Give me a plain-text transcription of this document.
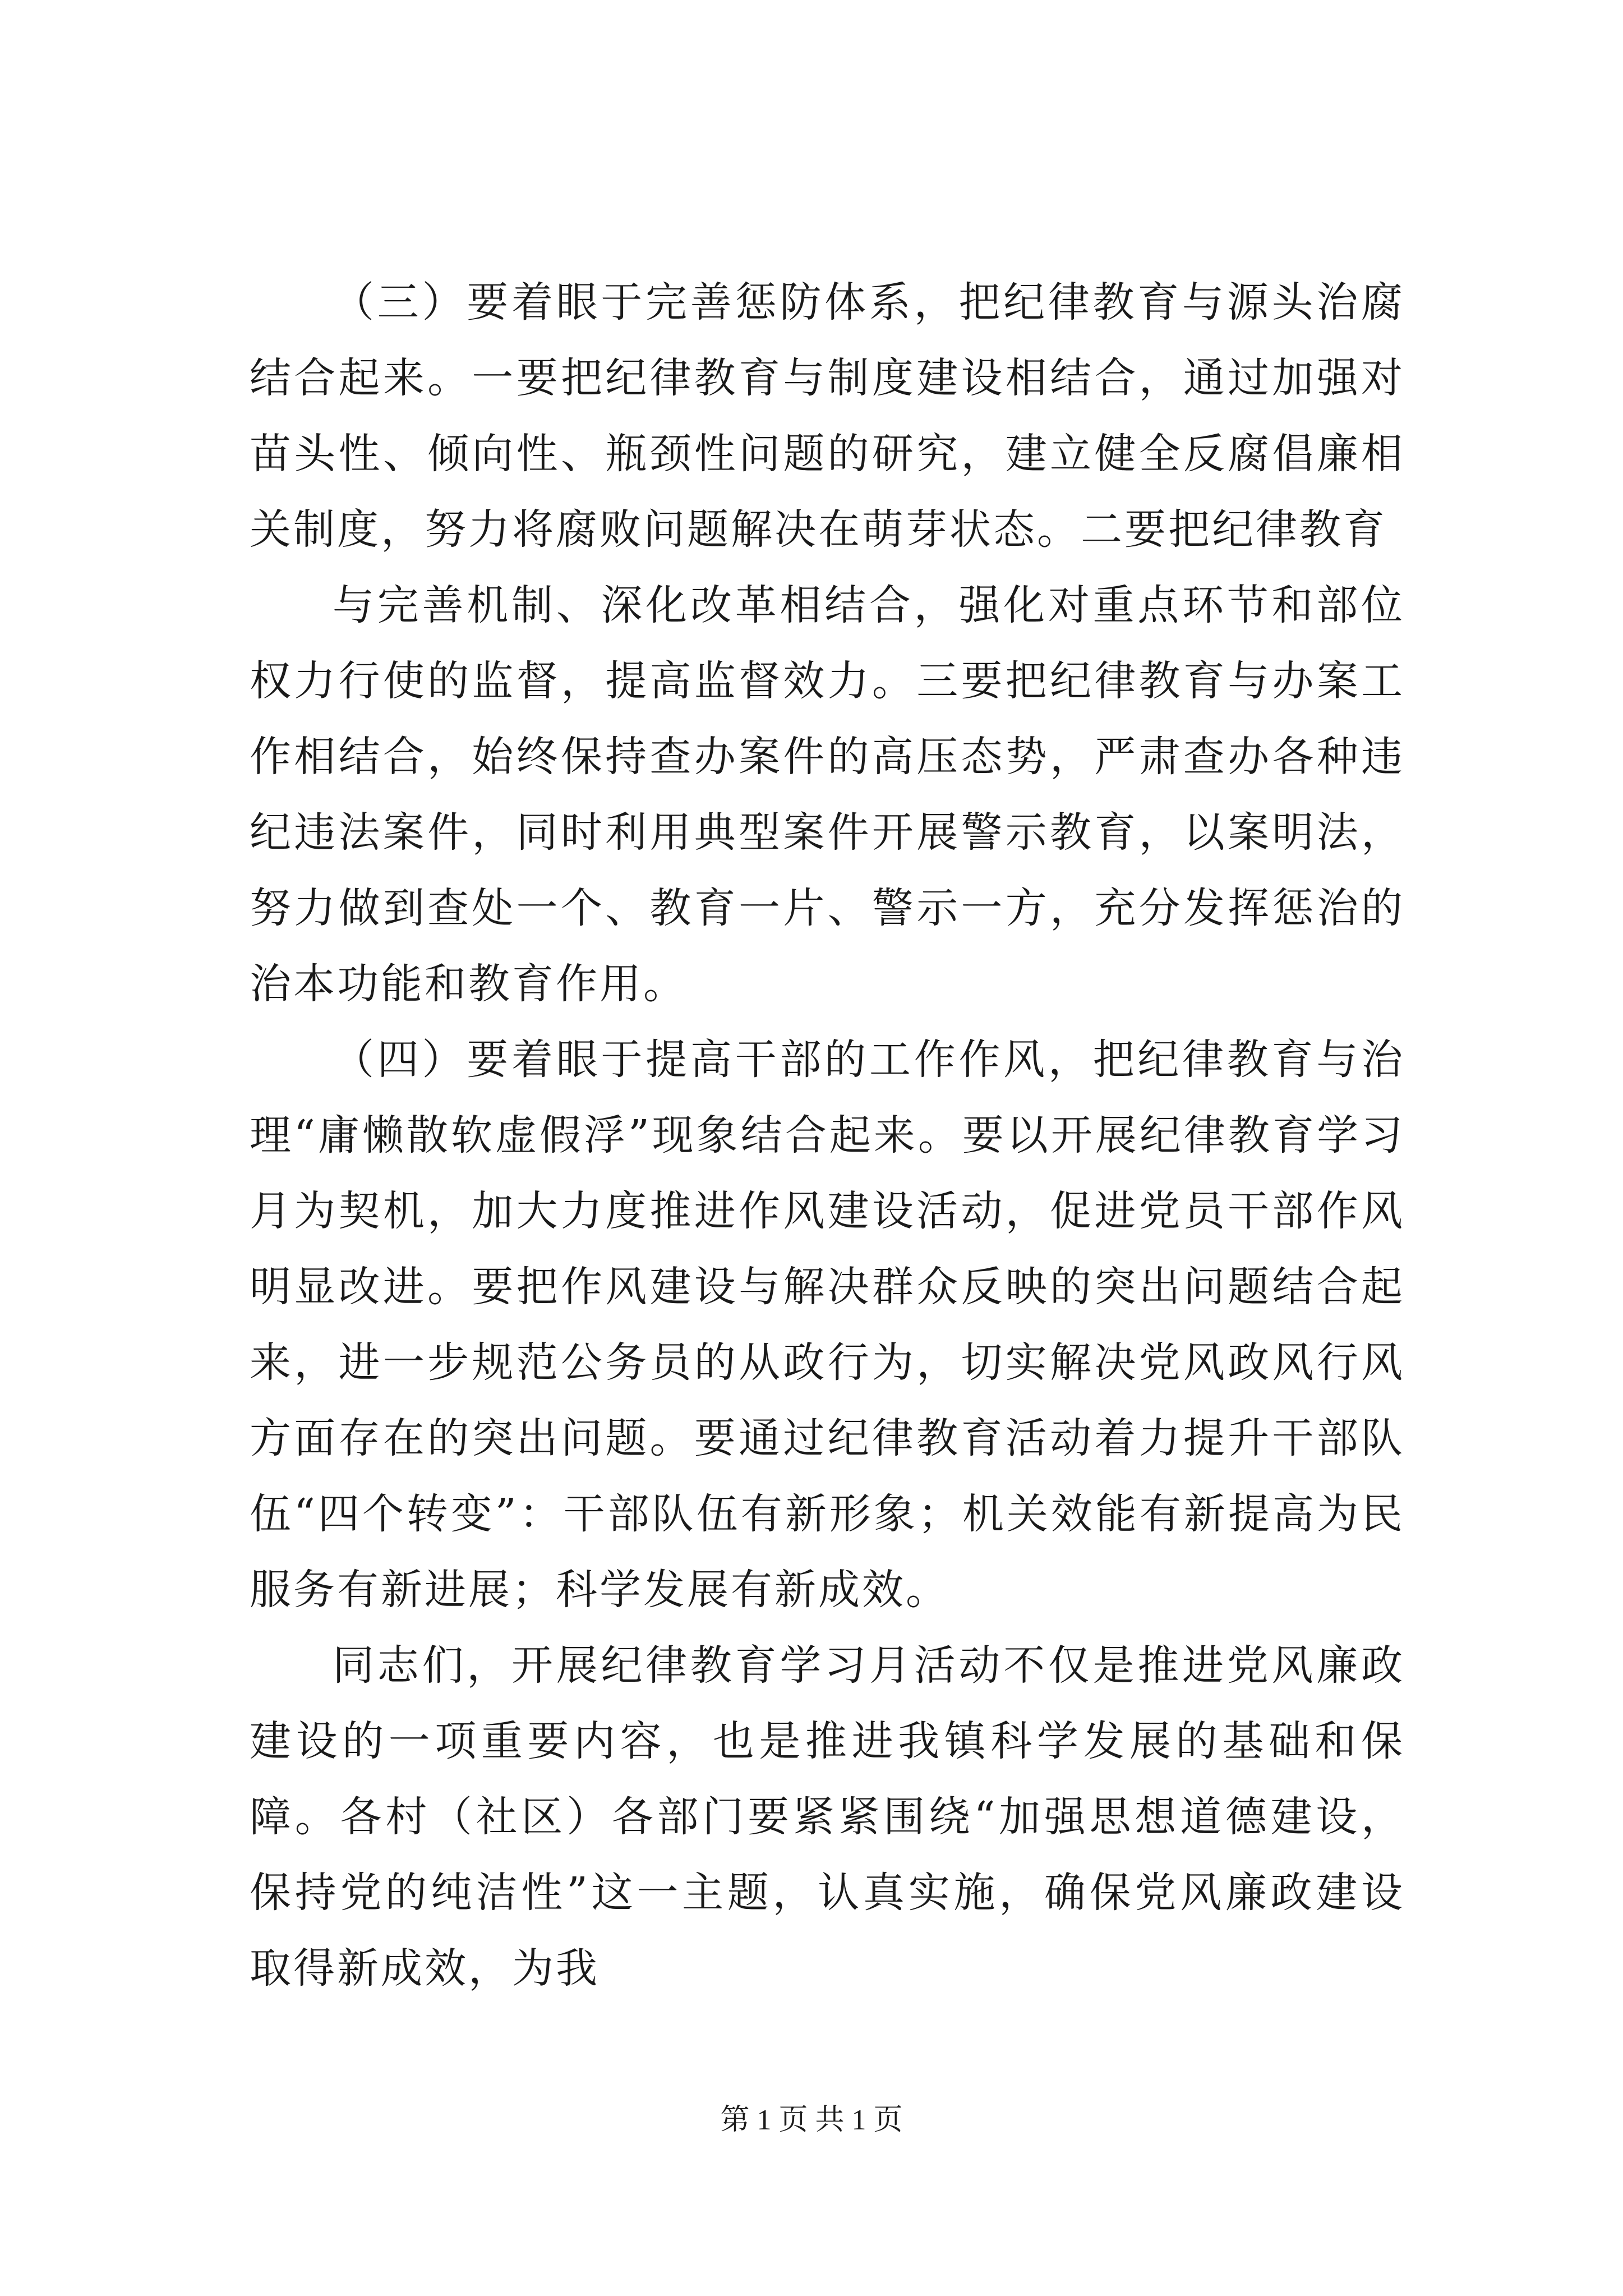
（三）要着眼于完善惩防体系，把纪律教育与源头治腐结合起来。一要把纪律教育与制度建设相结合，通过加强对苗头性、倾向性、瓶颈性问题的研究，建立健全反腐倡廉相关制度，努力将腐败问题解决在萌芽状态。二要把纪律教育

与完善机制、深化改革相结合，强化对重点环节和部位权力行使的监督，提高监督效力。三要把纪律教育与办案工作相结合，始终保持查办案件的高压态势，严肃查办各种违纪违法案件，同时利用典型案件开展警示教育，以案明法，努力做到查处一个、教育一片、警示一方，充分发挥惩治的治本功能和教育作用。

（四）要着眼于提高干部的工作作风，把纪律教育与治理“庸懒散软虚假浮”现象结合起来。要以开展纪律教育学习月为契机，加大力度推进作风建设活动，促进党员干部作风明显改进。要把作风建设与解决群众反映的突出问题结合起来，进一步规范公务员的从政行为，切实解决党风政风行风方面存在的突出问题。要通过纪律教育活动着力提升干部队伍“四个转变”：干部队伍有新形象；机关效能有新提高为民服务有新进展；科学发展有新成效。

同志们，开展纪律教育学习月活动不仅是推进党风廉政建设的一项重要内容，也是推进我镇科学发展的基础和保障。各村（社区）各部门要紧紧围绕“加强思想道德建设，保持党的纯洁性”这一主题，认真实施，确保党风廉政建设取得新成效，为我

第 1 页 共 1 页
